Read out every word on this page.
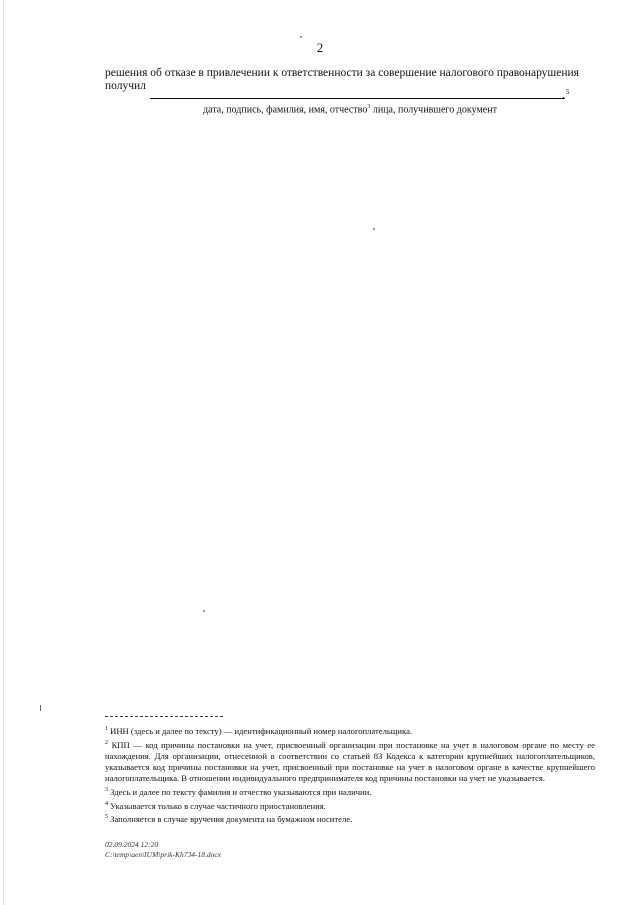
2
решения об отказе в привлечении к ответственности за совершение налогового правонарушения
получил
, 5
дата, подпись, фамилия, имя, отчество$^3$ лица, получившего документ

$^1$ ИНН (здесь и далее по тексту) — идентификационный номер налогоплательщика.

$^2$ КПП — код причины постановки на учет, присвоенный организации при постановке на учет в налоговом органе по месту ее нахождения. Для организации, отнесенной в соответствии со статьей 83 Кодекса к категории крупнейших налогоплательщиков, указывается код причины постановки на учет, присвоенный при постановке на учет в налоговом органе в качестве крупнейшего налогоплательщика. В отношении индивидуального предпринимателя код причины постановки на учет не указывается.

$^3$ Здесь и далее по тексту фамилия и отчество указываются при наличии.

$^4$ Указывается только в случае частичного приостановления.

$^5$ Заполняется в случае вручения документа на бумажном носителе.

02.09.2024 12:20
C:\temp\aen\IUM\prik-Kh734-18.docx
